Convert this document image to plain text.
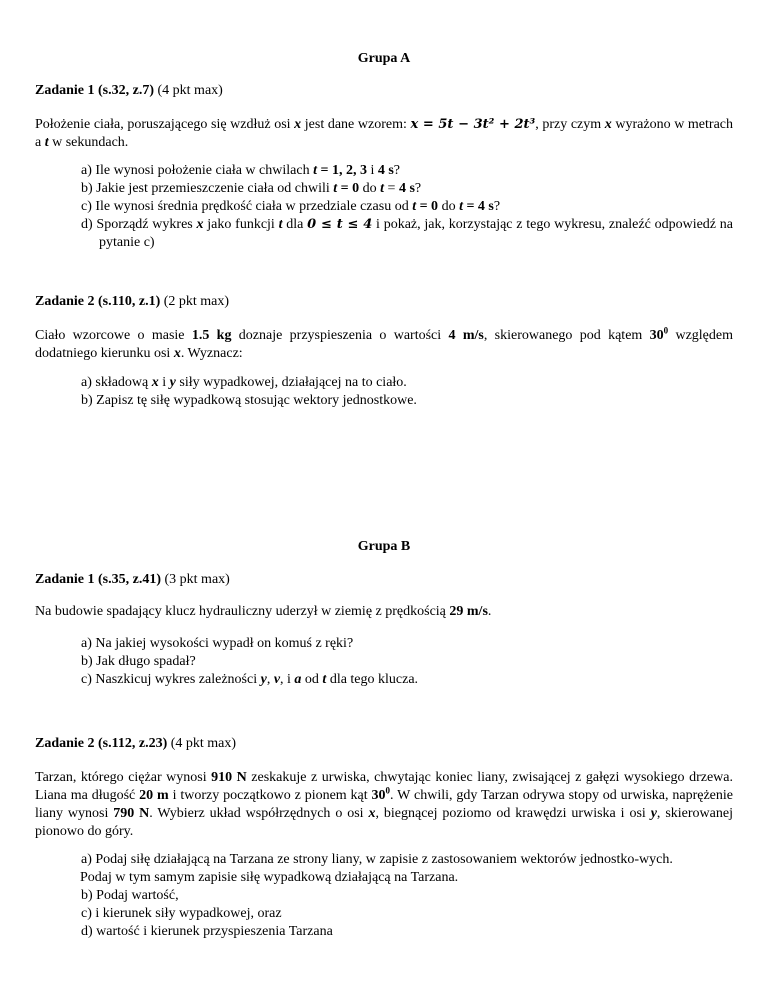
Grupa A
Zadanie 1 (s.32, z.7) (4 pkt max)
Położenie ciała, poruszającego się wzdłuż osi x jest dane wzorem: x = 5t − 3t² + 2t³, przy czym x wyrażono w metrach a t w sekundach.
a) Ile wynosi położenie ciała w chwilach t = 1, 2, 3 i 4 s?
b) Jakie jest przemieszczenie ciała od chwili t = 0 do t = 4 s?
c) Ile wynosi średnia prędkość ciała w przedziale czasu od t = 0 do t = 4 s?
d) Sporządź wykres x jako funkcji t dla 0 ≤ t ≤ 4 i pokaż, jak, korzystając z tego wykresu, znaleźć odpowiedź na pytanie c)
Zadanie 2 (s.110, z.1) (2 pkt max)
Ciało wzorcowe o masie 1.5 kg doznaje przyspieszenia o wartości 4 m/s, skierowanego pod kątem $30^0$ względem dodatniego kierunku osi x. Wyznacz:
a) składową x i y siły wypadkowej, działającej na to ciało.
b) Zapisz tę siłę wypadkową stosując wektory jednostkowe.
Grupa B
Zadanie 1 (s.35, z.41) (3 pkt max)
Na budowie spadający klucz hydrauliczny uderzył w ziemię z prędkością 29 m/s.
a) Na jakiej wysokości wypadł on komuś z ręki?
b) Jak długo spadał?
c) Naszkicuj wykres zależności y, v, i a od t dla tego klucza.
Zadanie 2 (s.112, z.23) (4 pkt max)
Tarzan, którego ciężar wynosi 910 N zeskakuje z urwiska, chwytając koniec liany, zwisającej z gałęzi wysokiego drzewa. Liana ma długość 20 m i tworzy początkowo z pionem kąt $30^0$. W chwili, gdy Tarzan odrywa stopy od urwiska, naprężenie liany wynosi 790 N. Wybierz układ współrzędnych o osi x, biegnącej poziomo od krawędzi urwiska i osi y, skierowanej pionowo do góry.
a) Podaj siłę działającą na Tarzana ze strony liany, w zapisie z zastosowaniem wektorów jednostko-wych.
Podaj w tym samym zapisie siłę wypadkową działającą na Tarzana.
b) Podaj wartość,
c) i kierunek siły wypadkowej, oraz
d) wartość i kierunek przyspieszenia Tarzana
